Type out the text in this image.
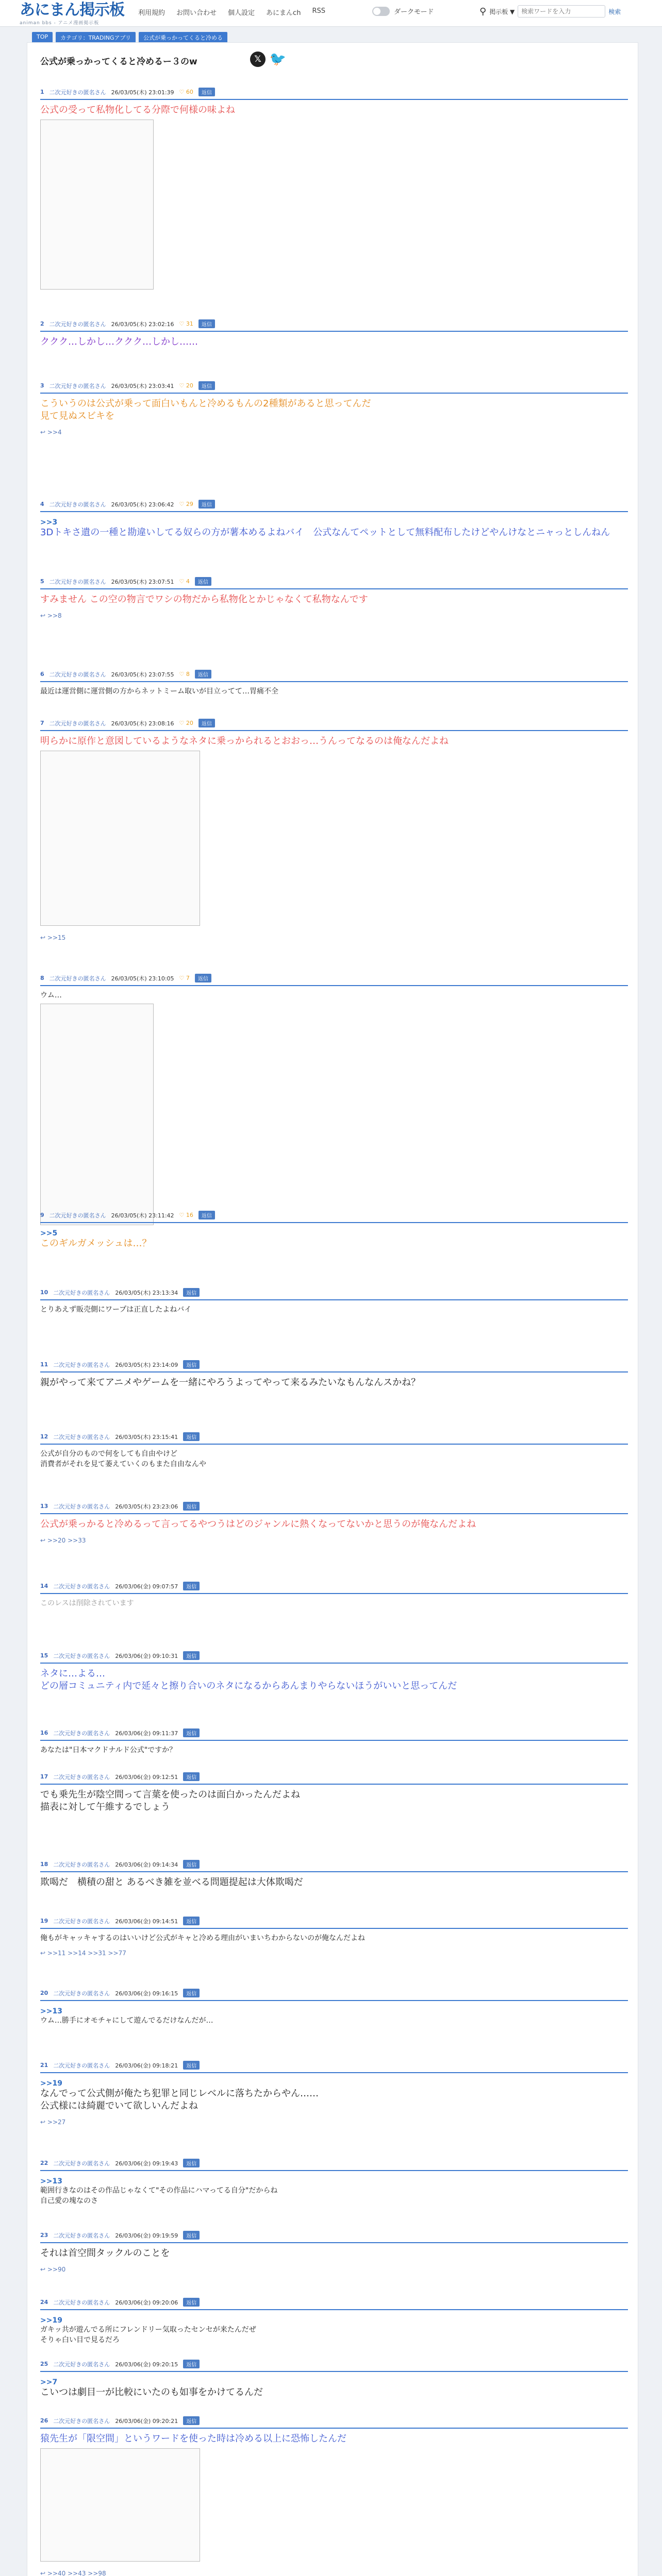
あにまん掲示板
animan bbs - アニメ漫画掲示板
利用規約 お問い合わせ 個人設定 あにまんch RSS	ダークモード	⚲ 掲示板 ▼
検索ワードを入力	検索
TOP	カテゴリ：TRADINGアプリ	公式が乗っかってくると冷める
公式が乗っかってくると冷めるー３のw	𝕏 🐦
1 二次元好きの匿名さん 26/03/05(木) 23:01:39 ♡ 60	返信
公式の受って私物化してる分際で何様の味よね
2 二次元好きの匿名さん 26/03/05(木) 23:02:16 ♡ 31	返信
ククク…しかし…ククク…しかし……
3 二次元好きの匿名さん 26/03/05(木) 23:03:41 ♡ 20	返信
こういうのは公式が乗って面白いもんと冷めるもんの2種類があると思ってんだ
見て見ぬスビキを
↩ >>4
4 二次元好きの匿名さん 26/03/05(木) 23:06:42 ♡ 29	返信
>>3
3Dトキさ遺の一種と勘違いしてる奴らの方が薯本めるよねバイ　公式なんてペットとして無料配布したけどやんけなとニャっとしんねん
5 二次元好きの匿名さん 26/03/05(木) 23:07:51 ♡ 4	返信
すみません この空の物言でワシの物だから私物化とかじゃなくて私物なんです
↩ >>8
6 二次元好きの匿名さん 26/03/05(木) 23:07:55 ♡ 8	返信
最近は運営側に運営側の方からネットミーム取いが目立ってて…胃痛不全
7 二次元好きの匿名さん 26/03/05(木) 23:08:16 ♡ 20	返信
明らかに原作と意図しているようなネタに乗っかられるとおおっ…うんってなるのは俺なんだよね
↩ >>15
8 二次元好きの匿名さん 26/03/05(木) 23:10:05 ♡ 7	返信
ウム…
9 二次元好きの匿名さん 26/03/05(木) 23:11:42 ♡ 16	返信
>>5
このギルガメッシュは…？
10 二次元好きの匿名さん 26/03/05(木) 23:13:34	返信
とりあえず販売側にワープは正直したよねバイ
11 二次元好きの匿名さん 26/03/05(木) 23:14:09	返信
親がやって来てアニメやゲームを一緒にやろうよってやって来るみたいなもんなんスかね？
12 二次元好きの匿名さん 26/03/05(木) 23:15:41	返信
公式が自分のもので何をしても自由やけど
消費者がそれを見て萎えていくのもまた自由なんや
13 二次元好きの匿名さん 26/03/05(木) 23:23:06	返信
公式が乗っかると冷めるって言ってるやつうはどのジャンルに熱くなってないかと思うのが俺なんだよね
↩ >>20 >>33
14 二次元好きの匿名さん 26/03/06(金) 09:07:57	返信
このレスは削除されています
15 二次元好きの匿名さん 26/03/06(金) 09:10:31	返信
ネタに…よる…
どの層コミュニティ内で延々と擦り合いのネタになるからあんまりやらないほうがいいと思ってんだ
16 二次元好きの匿名さん 26/03/06(金) 09:11:37	返信
あなたは"日本マクドナルド公式"ですか？
17 二次元好きの匿名さん 26/03/06(金) 09:12:51	返信
でも乗先生が陰空間って言葉を使ったのは面白かったんだよね
描表に対して午維するでしょう
18 二次元好きの匿名さん 26/03/06(金) 09:14:34	返信
欺喝だ　横積の甜と あるべき雑を並べる問題提起は大体欺喝だ
19 二次元好きの匿名さん 26/03/06(金) 09:14:51	返信
俺もがキャッキャするのはいいけど公式がキャと冷める理由がいまいちわからないのが俺なんだよね
↩ >>11 >>14 >>31 >>77
20 二次元好きの匿名さん 26/03/06(金) 09:16:15	返信
>>13
ウム…勝手にオモチャにして遊んでるだけなんだが…
21 二次元好きの匿名さん 26/03/06(金) 09:18:21	返信
>>19
なんでって公式側が俺たち犯罪と同じレベルに落ちたからやん……
公式様には綺麗でいて欲しいんだよね
↩ >>27
22 二次元好きの匿名さん 26/03/06(金) 09:19:43	返信
>>13
範囲行きなのはその作品じゃなくて"その作品にハマってる自分"だからね
自己愛の塊なのさ
23 二次元好きの匿名さん 26/03/06(金) 09:19:59	返信
それは首空間タックルのことを
↩ >>90
24 二次元好きの匿名さん 26/03/06(金) 09:20:06	返信
>>19
ガキッ共が遊んでる所にフレンドリー気取ったセンセが来たんだぜ
そりゃ白い目で見るだろ
25 二次元好きの匿名さん 26/03/06(金) 09:20:15	返信
>>7
こいつは劇目一が比較にいたのも如事をかけてるんだ
26 二次元好きの匿名さん 26/03/06(金) 09:20:21	返信
猿先生が「限空間」というワードを使った時は冷める以上に恐怖したんだ
↩ >>40 >>43 >>98
